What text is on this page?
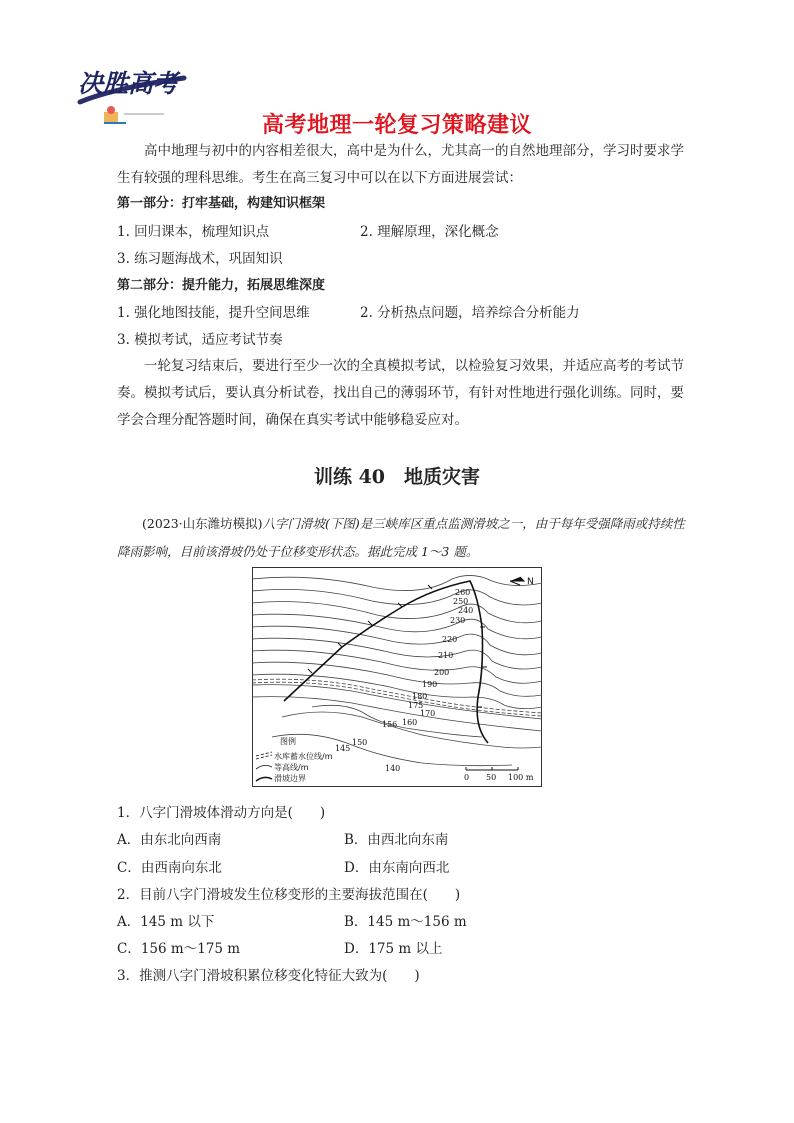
决胜高考
高考地理一轮复习策略建议
高中地理与初中的内容相差很大，高中是为什么，尤其高一的自然地理部分，学习时要求学生有较强的理科思维。考生在高三复习中可以在以下方面进展尝试：
第一部分：打牢基础，构建知识框架
1. 回归课本，梳理知识点	2. 理解原理，深化概念
3. 练习题海战术，巩固知识
第二部分：提升能力，拓展思维深度
1. 强化地图技能，提升空间思维	2. 分析热点问题，培养综合分析能力
3. 模拟考试，适应考试节奏
一轮复习结束后，要进行至少一次的全真模拟考试，以检验复习效果，并适应高考的考试节奏。模拟考试后，要认真分析试卷，找出自己的薄弱环节，有针对性地进行强化训练。同时，要学会合理分配答题时间，确保在真实考试中能够稳妥应对。
训练 40　地质灾害
(2023·山东潍坊模拟)八字门滑坡(下图)是三峡库区重点监测滑坡之一，由于每年受强降雨或持续性降雨影响，目前该滑坡仍处于位移变形状态。据此完成 1～3 题。
260
250
240
230
220
210
200
190
180
175
170
160
156
150
145
140
N
图例
水库蓄水位线/m
等高线/m
滑坡边界	0 50 100 m
1．八字门滑坡体滑动方向是(　　)
A．由东北向西南	B．由西北向东南
C．由西南向东北	D．由东南向西北
2．目前八字门滑坡发生位移变形的主要海拔范围在(　　)
A．145 m 以下	B．145 m～156 m
C．156 m～175 m	D．175 m 以上
3．推测八字门滑坡积累位移变化特征大致为(　　)
